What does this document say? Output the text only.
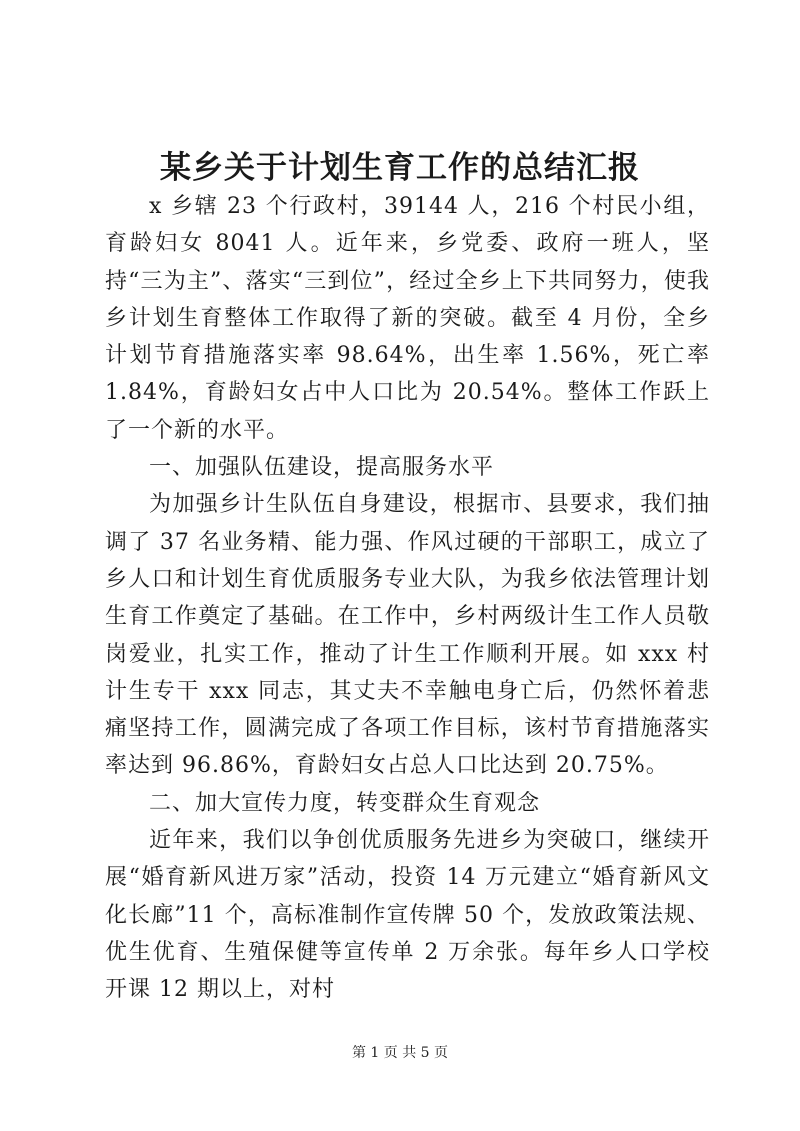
某乡关于计划生育工作的总结汇报

x 乡辖 23 个行政村，39144 人，216 个村民小组，育龄妇女 8041 人。近年来，乡党委、政府一班人，坚持“三为主”、落实“三到位”，经过全乡上下共同努力，使我乡计划生育整体工作取得了新的突破。截至 4 月份，全乡计划节育措施落实率 98.64%，出生率 1.56%，死亡率 1.84%，育龄妇女占中人口比为 20.54%。整体工作跃上了一个新的水平。

一、加强队伍建设，提高服务水平

为加强乡计生队伍自身建设，根据市、县要求，我们抽调了 37 名业务精、能力强、作风过硬的干部职工，成立了乡人口和计划生育优质服务专业大队，为我乡依法管理计划生育工作奠定了基础。在工作中，乡村两级计生工作人员敬岗爱业，扎实工作，推动了计生工作顺利开展。如 xxx 村计生专干 xxx 同志，其丈夫不幸触电身亡后，仍然怀着悲痛坚持工作，圆满完成了各项工作目标，该村节育措施落实率达到 96.86%，育龄妇女占总人口比达到 20.75%。

二、加大宣传力度，转变群众生育观念

近年来，我们以争创优质服务先进乡为突破口，继续开展“婚育新风进万家”活动，投资 14 万元建立“婚育新风文化长廊”11 个，高标准制作宣传牌 50 个，发放政策法规、优生优育、生殖保健等宣传单 2 万余张。每年乡人口学校开课 12 期以上，对村

第 1 页 共 5 页
